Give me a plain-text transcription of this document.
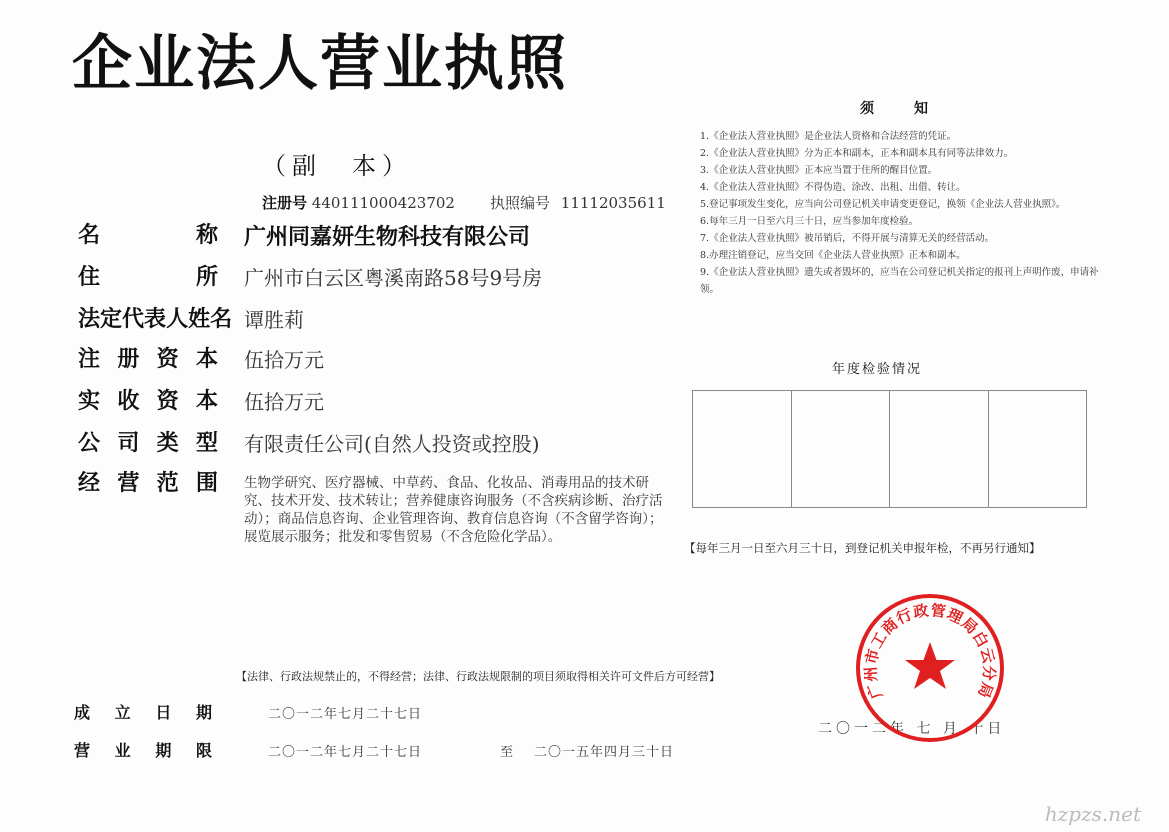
企业法人营业执照
（副　本）
注册号 440111000423702 执照编号 11112035611
名	称 广州同嘉妍生物科技有限公司
住	所 广州市白云区粤溪南路58号9号房
法 定 代 表 人 姓 名 谭胜莉
注 册 资 本 伍拾万元
实 收 资 本 伍拾万元
公 司 类 型 有限责任公司(自然人投资或控股)
经 营 范 围 生物学研究、医疗器械、中草药、食品、化妆品、消毒用品的技术研究、技术开发、技术转让；营养健康咨询服务（不含疾病诊断、治疗活动）；商品信息咨询、企业管理咨询、教育信息咨询（不含留学咨询）；展览展示服务；批发和零售贸易（不含危险化学品）。
须知
1.《企业法人营业执照》是企业法人资格和合法经营的凭证。
2.《企业法人营业执照》分为正本和副本，正本和副本具有同等法律效力。
3.《企业法人营业执照》正本应当置于住所的醒目位置。
4.《企业法人营业执照》不得伪造、涂改、出租、出借、转让。
5.登记事项发生变化，应当向公司登记机关申请变更登记，换领《企业法人营业执照》。
6.每年三月一日至六月三十日，应当参加年度检验。
7.《企业法人营业执照》被吊销后，不得开展与清算无关的经营活动。
8.办理注销登记，应当交回《企业法人营业执照》正本和副本。
9.《企业法人营业执照》遗失或者毁坏的，应当在公司登记机关指定的报刊上声明作废，申请补领。
年度检验情况
【每年三月一日至六月三十日，到登记机关申报年检，不再另行通知】
【法律、行政法规禁止的，不得经营；法律、行政法规限制的项目须取得相关许可文件后方可经营】
成 立 日 期	二〇一二年七月二十七日
营 业 期 限	二〇一二年七月二十七日	至 二〇一五年四月三十日
二〇一二年 七 月 十日
广州市工商行政管理局白云分局
hzpzs.net
